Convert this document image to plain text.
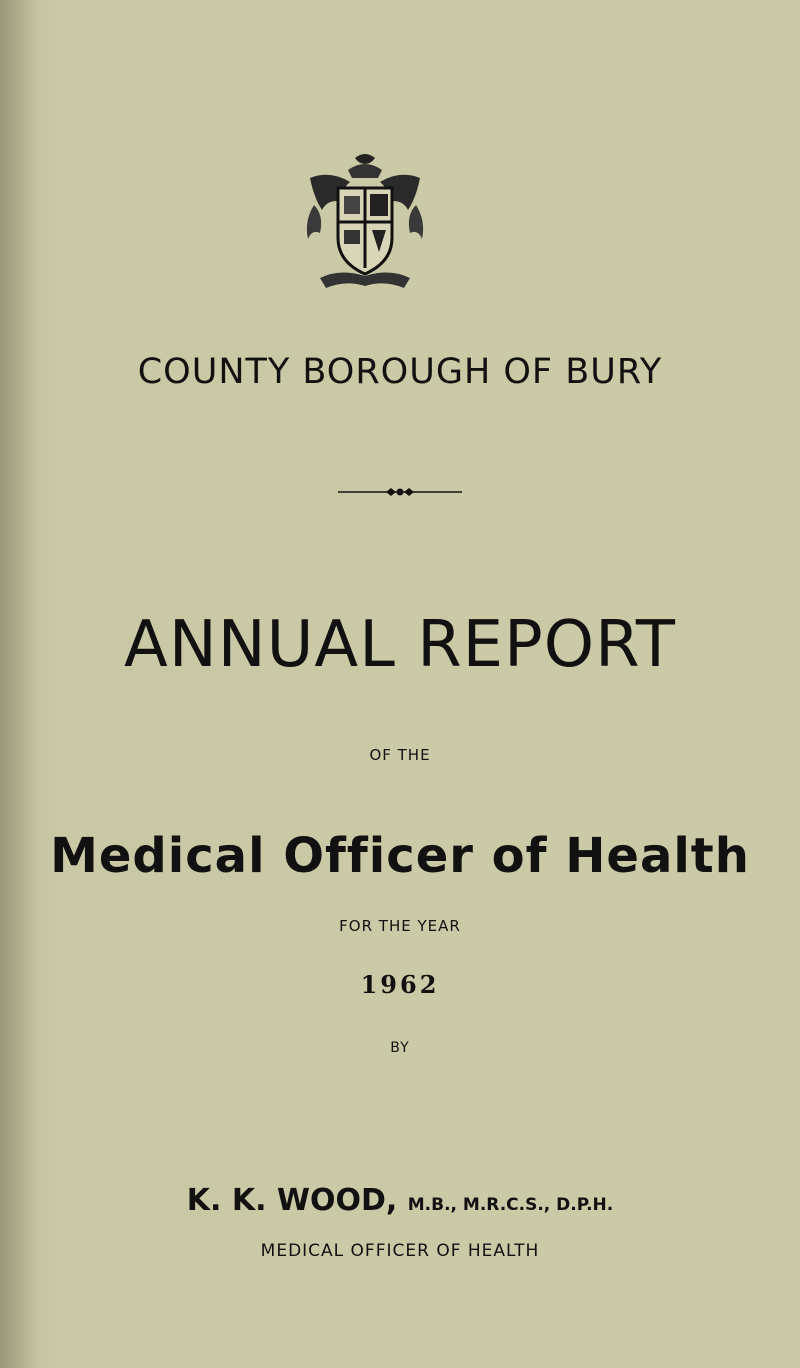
COUNTY BOROUGH OF BURY
ANNUAL REPORT
OF THE
Medical Officer of Health
FOR THE YEAR
1962
BY
K. K. WOOD, M.B., M.R.C.S., D.P.H.
MEDICAL OFFICER OF HEALTH
